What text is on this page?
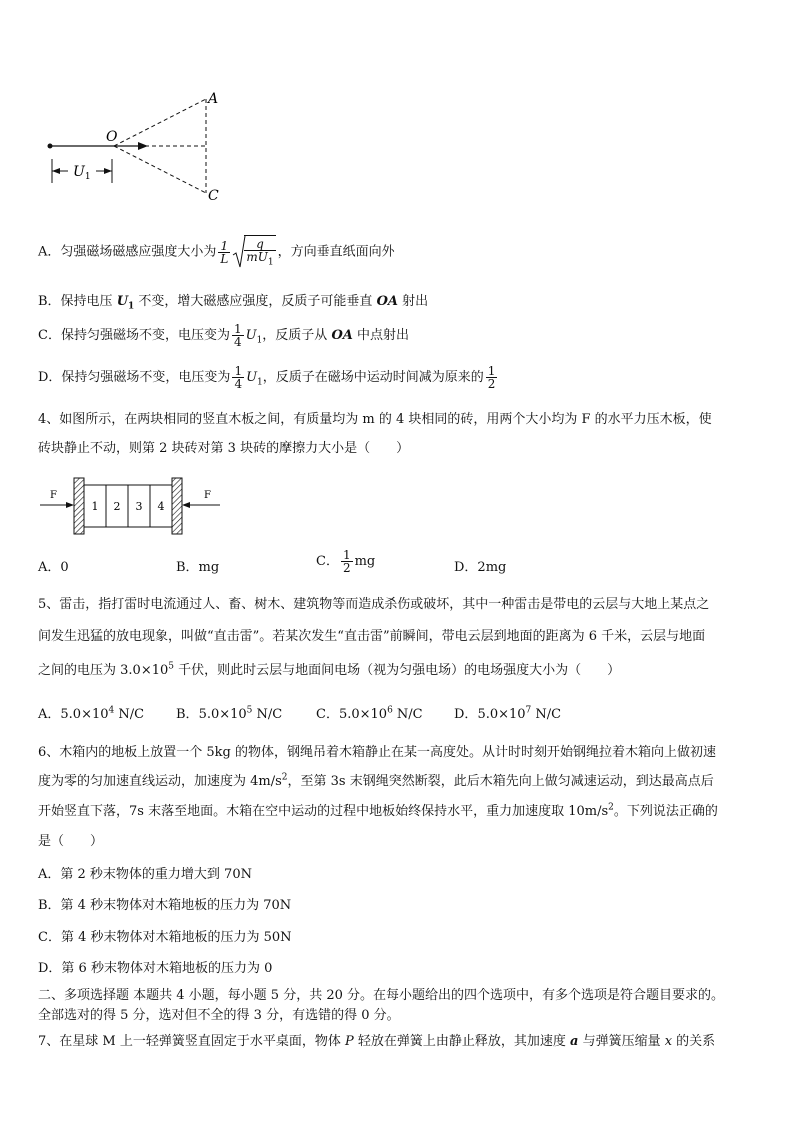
$U_1$
O
A
C
A．匀强磁场磁感应强度大小为 $\frac{1}{L} \frac{q}{mU_1}$ ，方向垂直纸面向外
B．保持电压 $U_1$ 不变，增大磁感应强度，反质子可能垂直 OA 射出
C．保持匀强磁场不变，电压变为 $\frac{1}{4} U_1$，反质子从 OA 中点射出
D．保持匀强磁场不变，电压变为 $\frac{1}{4} U_1$，反质子在磁场中运动时间减为原来的 $\frac{1}{2}$
4、如图所示，在两块相同的竖直木板之间，有质量均为 m 的 4 块相同的砖，用两个大小均为 F 的水平力压木板，使
砖块静止不动，则第 2 块砖对第 3 块砖的摩擦力大小是（　　）
F
1 2 3 4
F
A．0	B．mg	C． $\frac{1}{2}$ mg	D．2mg
5、雷击，指打雷时电流通过人、畜、树木、建筑物等而造成杀伤或破坏，其中一种雷击是带电的云层与大地上某点之
间发生迅猛的放电现象，叫做“直击雷”。若某次发生“直击雷”前瞬间，带电云层到地面的距离为 6 千米，云层与地面
之间的电压为 $3.0\times 10^5$ 千伏，则此时云层与地面间电场（视为匀强电场）的电场强度大小为（　　）
A．$5.0\times 10^4$ N/C B．$5.0\times 10^5$ N/C	C．$5.0\times 10^6$ N/C D．$5.0\times 10^7$ N/C
6、木箱内的地板上放置一个 5kg 的物体，钢绳吊着木箱静止在某一高度处。从计时时刻开始钢绳拉着木箱向上做初速
度为零的匀加速直线运动，加速度为 $4m/s^2$，至第 3s 末钢绳突然断裂，此后木箱先向上做匀减速运动，到达最高点后
开始竖直下落，7s 末落至地面。木箱在空中运动的过程中地板始终保持水平，重力加速度取 $10m/s^2$。下列说法正确的
是（　　）
A．第 2 秒末物体的重力增大到 70N
B．第 4 秒末物体对木箱地板的压力为 70N
C．第 4 秒末物体对木箱地板的压力为 50N
D．第 6 秒末物体对木箱地板的压力为 0
二、多项选择题 本题共 4 小题，每小题 5 分，共 20 分。在每小题给出的四个选项中，有多个选项是符合题目要求的。
全部选对的得 5 分，选对但不全的得 3 分，有选错的得 0 分。
7、在星球 M 上一轻弹簧竖直固定于水平桌面，物体 P 轻放在弹簧上由静止释放，其加速度 a 与弹簧压缩量 x 的关系
